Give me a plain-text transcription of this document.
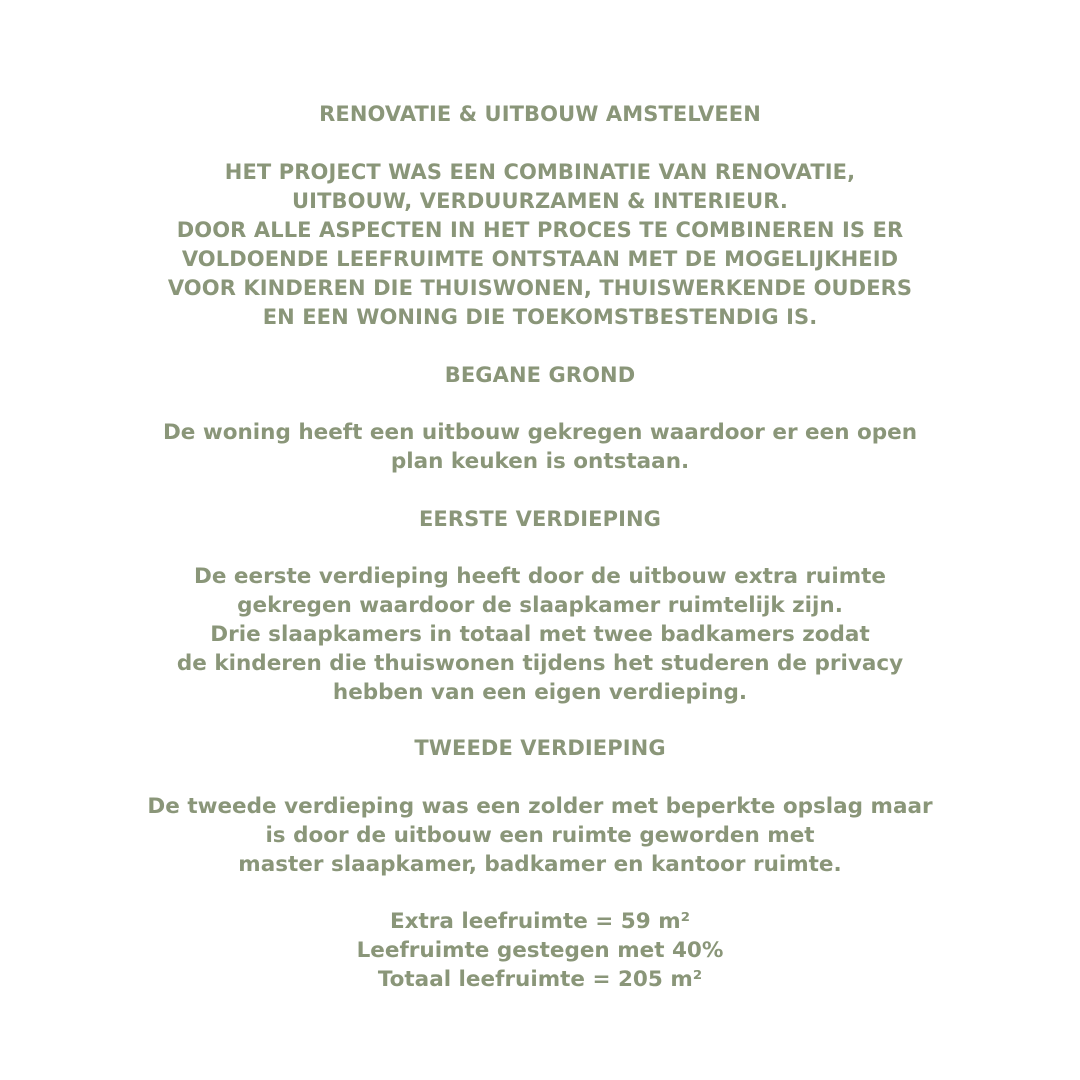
RENOVATIE & UITBOUW AMSTELVEEN

HET PROJECT WAS EEN COMBINATIE VAN RENOVATIE,
UITBOUW, VERDUURZAMEN & INTERIEUR.
DOOR ALLE ASPECTEN IN HET PROCES TE COMBINEREN IS ER
VOLDOENDE LEEFRUIMTE ONTSTAAN MET DE MOGELIJKHEID
VOOR KINDEREN DIE THUISWONEN, THUISWERKENDE OUDERS
EN EEN WONING DIE TOEKOMSTBESTENDIG IS.

BEGANE GROND

De woning heeft een uitbouw gekregen waardoor er een open
plan keuken is ontstaan.

EERSTE VERDIEPING

De eerste verdieping heeft door de uitbouw extra ruimte
gekregen waardoor de slaapkamer ruimtelijk zijn.
Drie slaapkamers in totaal met twee badkamers zodat
de kinderen die thuiswonen tijdens het studeren de privacy
hebben van een eigen verdieping.

TWEEDE VERDIEPING

De tweede verdieping was een zolder met beperkte opslag maar
is door de uitbouw een ruimte geworden met
master slaapkamer, badkamer en kantoor ruimte.

Extra leefruimte = 59 m²
Leefruimte gestegen met 40%
Totaal leefruimte = 205 m²
